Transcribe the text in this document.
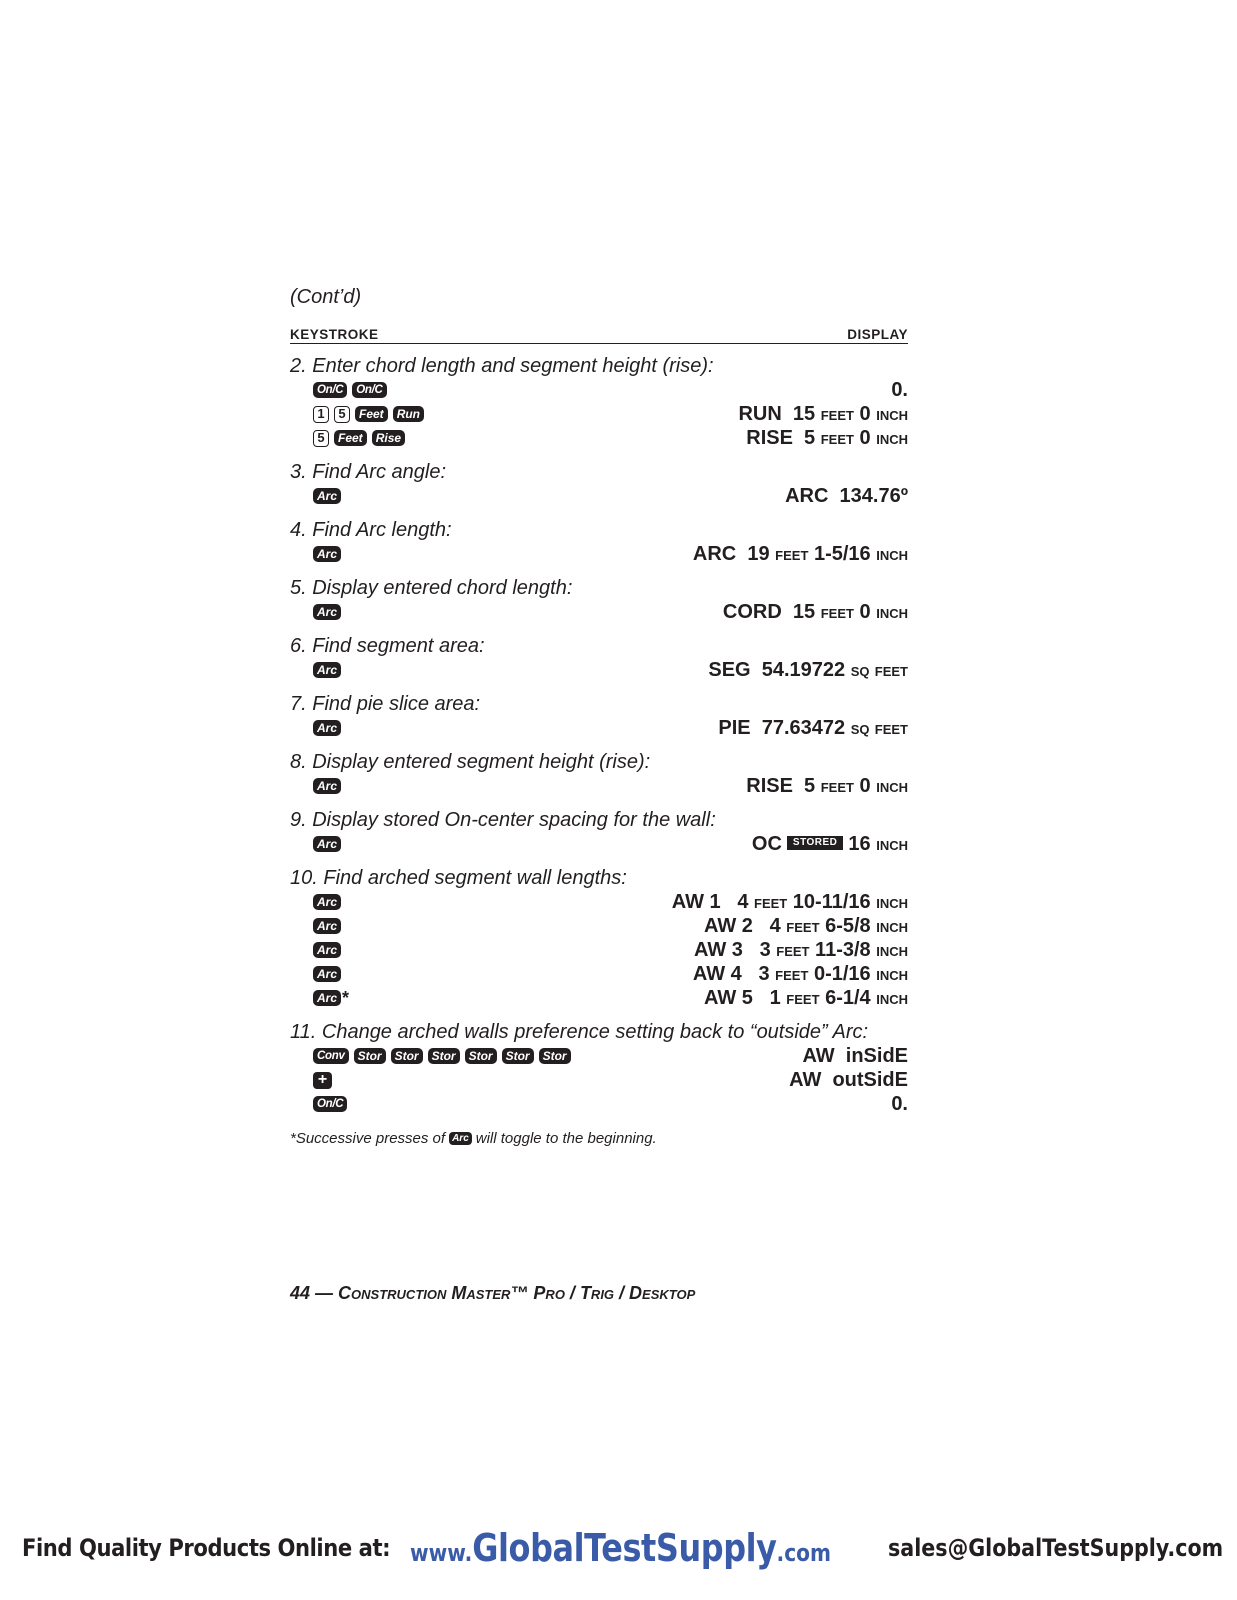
(Cont’d)
KEYSTROKE	DISPLAY
2. Enter chord length and segment height (rise):
On/C	On/C	0.
1	5	Feet	Run	RUN  15 feet 0 inch
5	Feet	Rise	RISE  5 feet 0 inch
3. Find Arc angle:
Arc	ARC  134.76º
4. Find Arc length:
Arc	ARC  19 feet 1-5/16 inch
5. Display entered chord length:
Arc	CORD  15 feet 0 inch
6. Find segment area:
Arc	SEG  54.19722 sq feet
7. Find pie slice area:
Arc	PIE  77.63472 sq feet
8. Display entered segment height (rise):
Arc	RISE  5 feet 0 inch
9. Display stored On-center spacing for the wall:
Arc	OC STORED 16 inch
10. Find arched segment wall lengths:
Arc	AW 1   4 feet 10-11/16 inch
Arc	AW 2   4 feet 6-5/8 inch
Arc	AW 3   3 feet 11-3/8 inch
Arc	AW 4   3 feet 0-1/16 inch
Arc *	AW 5   1 feet 6-1/4 inch
11. Change arched walls preference setting back to “outside” Arc:
Conv	Stor	Stor	Stor	Stor	Stor	Stor	AW  inSidE
+	AW  outSidE
On/C	0.
*Successive presses of Arc will toggle to the beginning.
44 — Construction Master™ Pro / Trig / Desktop
Find Quality Products Online at: www.GlobalTestSupply.com sales@GlobalTestSupply.com
